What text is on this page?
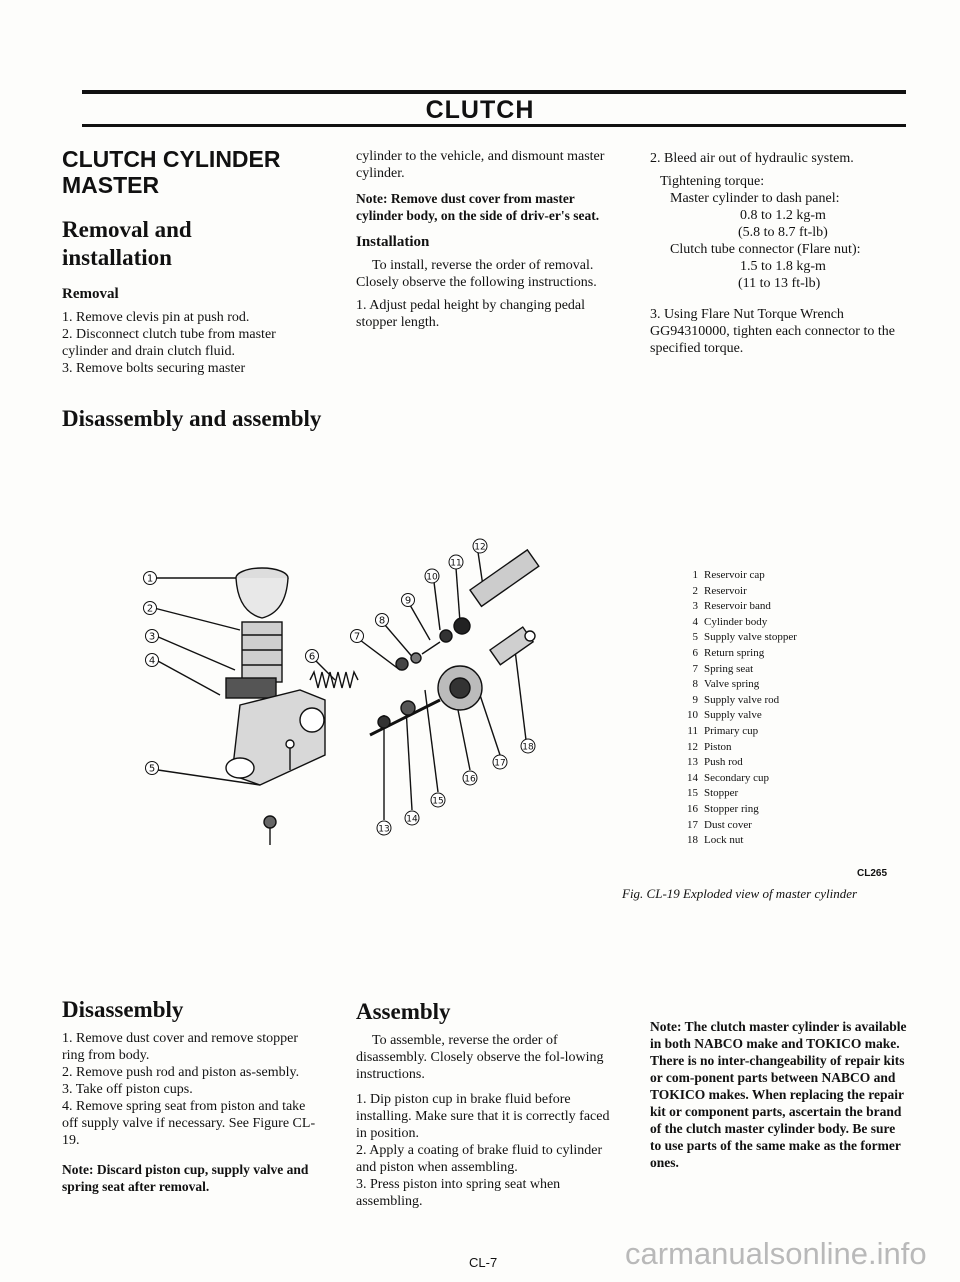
CLUTCH
CLUTCH CYLINDER
MASTER
Removal and
installation
Removal

1. Remove clevis pin at push rod.

2. Disconnect clutch tube from master cylinder and drain clutch fluid.

3. Remove bolts securing master

cylinder to the vehicle, and dismount master cylinder.

Note: Remove dust cover from master cylinder body, on the side of driv-er's seat.

Installation

To install, reverse the order of removal. Closely observe the following instructions.

1. Adjust pedal height by changing pedal stopper length.

2. Bleed air out of hydraulic system.

Tightening torque:
Master cylinder to dash panel:
0.8 to 1.2 kg-m
(5.8 to 8.7 ft-lb)
Clutch tube connector (Flare nut):
1.5 to 1.8 kg-m
(11 to 13 ft-lb)

3. Using Flare Nut Torque Wrench GG94310000, tighten each connector to the specified torque.

Disassembly and assembly
1
2
3
4
5
6
7
8
9
10
11
12
13
14
15
16
17
18
1 Reservoir cap
2 Reservoir
3 Reservoir band
4 Cylinder body
5 Supply valve stopper
6 Return spring
7 Spring seat
8 Valve spring
9 Supply valve rod
10 Supply valve
11 Primary cup
12 Piston
13 Push rod
14 Secondary cup
15 Stopper
16 Stopper ring
17 Dust cover
18 Lock nut
CL265
Fig. CL-19 Exploded view of master cylinder
Disassembly

1. Remove dust cover and remove stopper ring from body.

2. Remove push rod and piston as-sembly.

3. Take off piston cups.

4. Remove spring seat from piston and take off supply valve if necessary. See Figure CL-19.

Note: Discard piston cup, supply valve and spring seat after removal.

Assembly

To assemble, reverse the order of disassembly. Closely observe the fol-lowing instructions.

1. Dip piston cup in brake fluid before installing. Make sure that it is correctly faced in position.

2. Apply a coating of brake fluid to cylinder and piston when assembling.

3. Press piston into spring seat when assembling.

Note: The clutch master cylinder is available in both NABCO make and TOKICO make. There is no inter-changeability of repair kits or com-ponent parts between NABCO and TOKICO makes. When replacing the repair kit or component parts, ascertain the brand of the clutch master cylinder body. Be sure to use parts of the same make as the former ones.
CL-7	carmanualsonline.info
